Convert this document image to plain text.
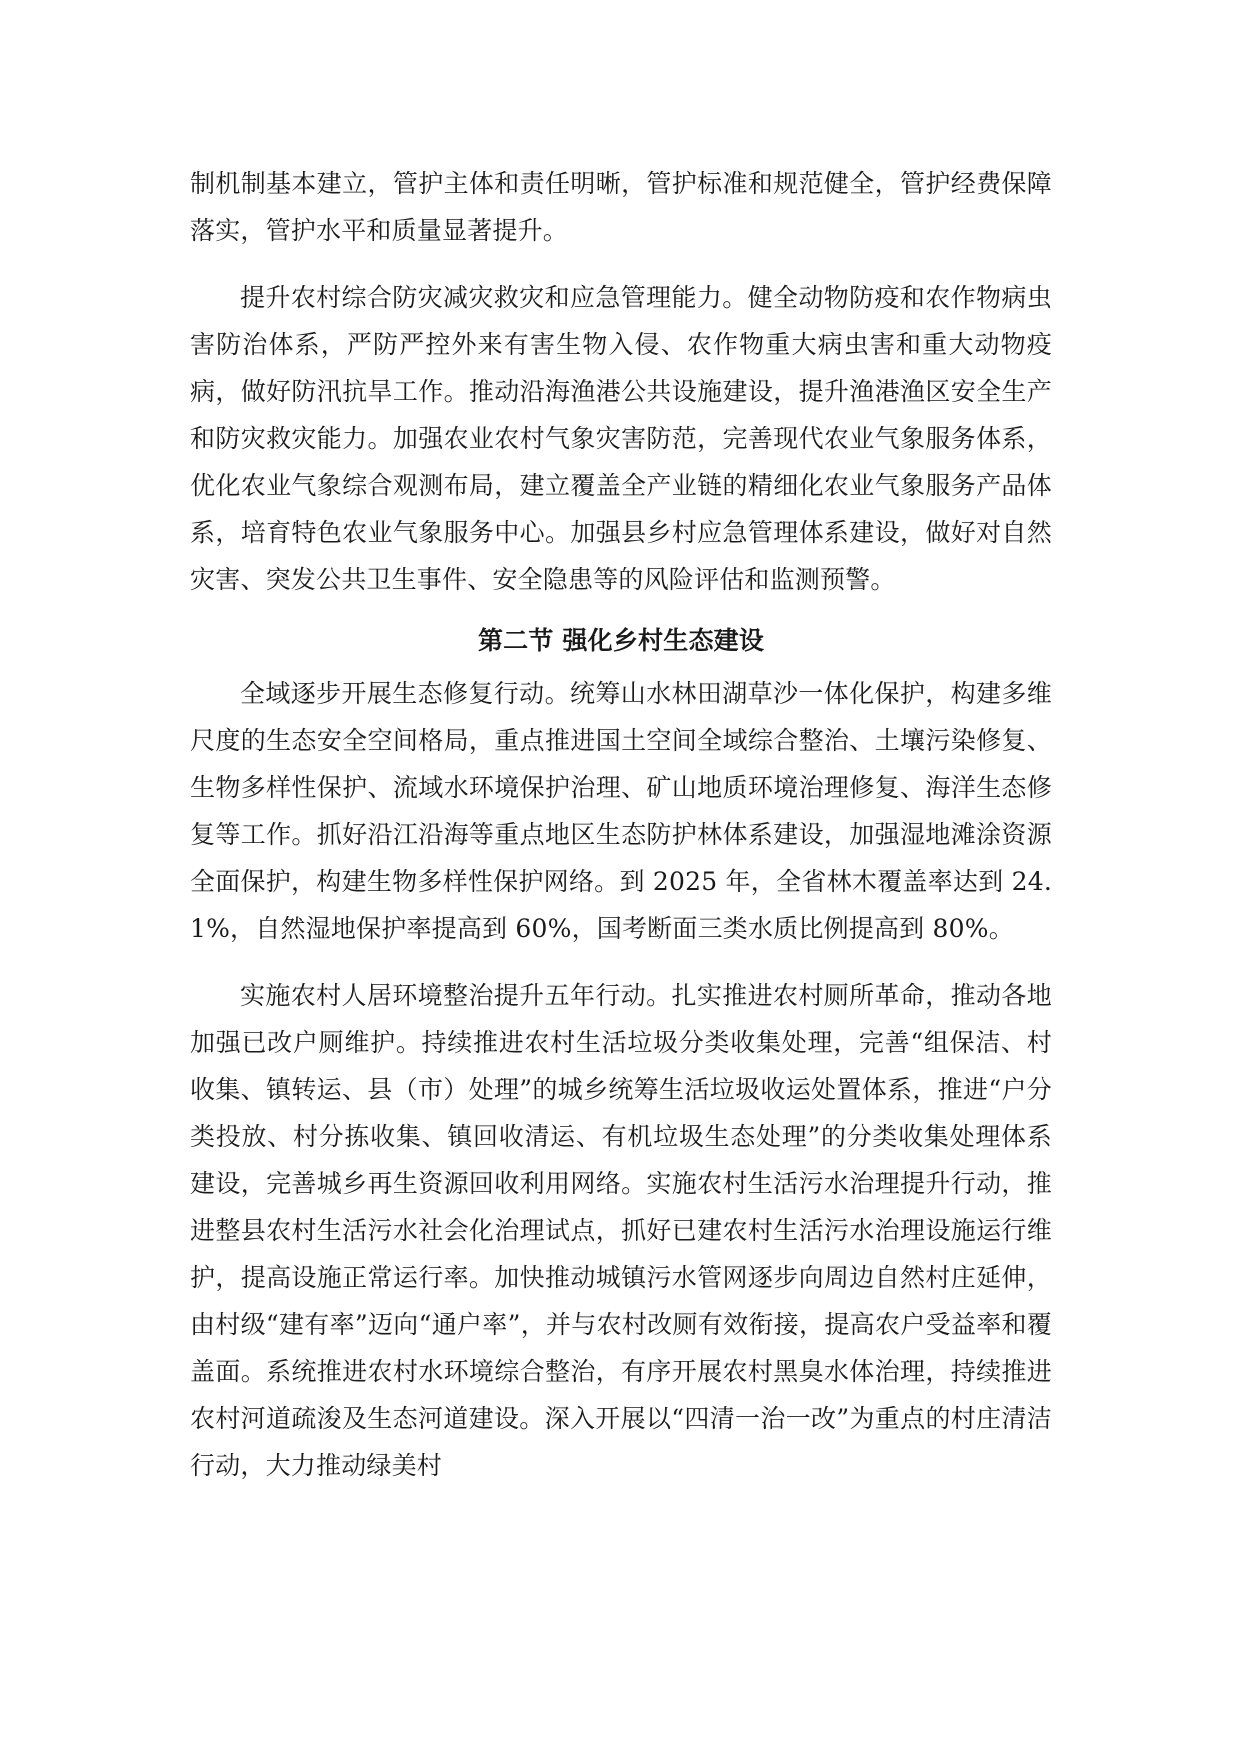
制机制基本建立，管护主体和责任明晰，管护标准和规范健全，管护经费保障落实，管护水平和质量显著提升。

提升农村综合防灾减灾救灾和应急管理能力。健全动物防疫和农作物病虫害防治体系，严防严控外来有害生物入侵、农作物重大病虫害和重大动物疫病，做好防汛抗旱工作。推动沿海渔港公共设施建设，提升渔港渔区安全生产和防灾救灾能力。加强农业农村气象灾害防范，完善现代农业气象服务体系，优化农业气象综合观测布局，建立覆盖全产业链的精细化农业气象服务产品体系，培育特色农业气象服务中心。加强县乡村应急管理体系建设，做好对自然灾害、突发公共卫生事件、安全隐患等的风险评估和监测预警。

第二节 强化乡村生态建设

全域逐步开展生态修复行动。统筹山水林田湖草沙一体化保护，构建多维尺度的生态安全空间格局，重点推进国土空间全域综合整治、土壤污染修复、生物多样性保护、流域水环境保护治理、矿山地质环境治理修复、海洋生态修复等工作。抓好沿江沿海等重点地区生态防护林体系建设，加强湿地滩涂资源全面保护，构建生物多样性保护网络。到 2025 年，全省林木覆盖率达到 24.1%，自然湿地保护率提高到 60%，国考断面三类水质比例提高到 80%。

实施农村人居环境整治提升五年行动。扎实推进农村厕所革命，推动各地加强已改户厕维护。持续推进农村生活垃圾分类收集处理，完善“组保洁、村收集、镇转运、县（市）处理”的城乡统筹生活垃圾收运处置体系，推进“户分类投放、村分拣收集、镇回收清运、有机垃圾生态处理”的分类收集处理体系建设，完善城乡再生资源回收利用网络。实施农村生活污水治理提升行动，推进整县农村生活污水社会化治理试点，抓好已建农村生活污水治理设施运行维护，提高设施正常运行率。加快推动城镇污水管网逐步向周边自然村庄延伸，由村级“建有率”迈向“通户率”，并与农村改厕有效衔接，提高农户受益率和覆盖面。系统推进农村水环境综合整治，有序开展农村黑臭水体治理，持续推进农村河道疏浚及生态河道建设。深入开展以“四清一治一改”为重点的村庄清洁行动，大力推动绿美村
